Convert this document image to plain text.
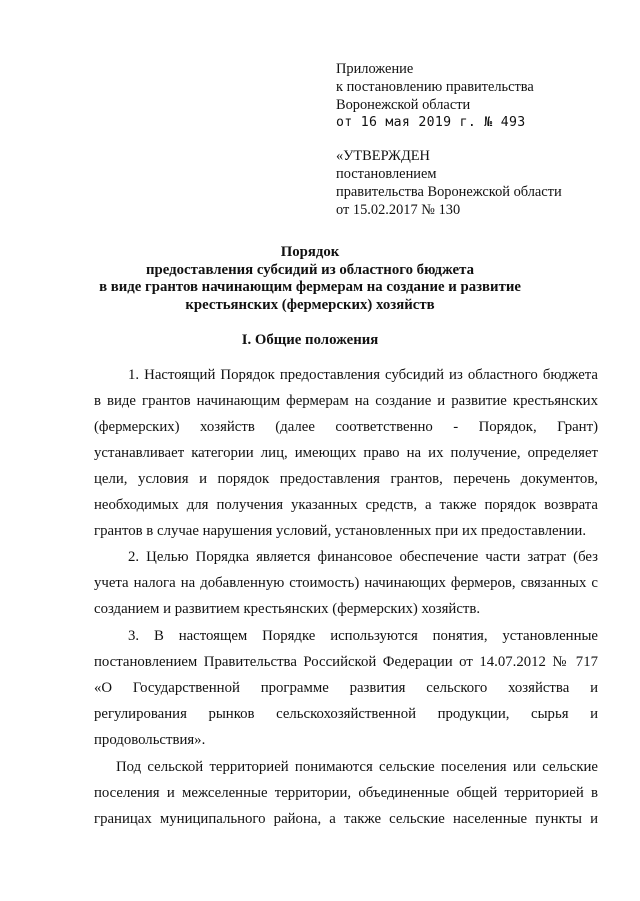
Приложение
к постановлению правительства
Воронежской области
от 16 мая 2019 г. № 493
«УТВЕРЖДЕН
постановлением
правительства Воронежской области
от 15.02.2017 № 130
Порядок
предоставления субсидий из областного бюджета
в виде грантов начинающим фермерам на создание и развитие
крестьянских (фермерских) хозяйств
I. Общие положения
1. Настоящий Порядок предоставления субсидий из областного бюджета
в виде грантов начинающим фермерам на создание и развитие крестьянских
(фермерских) хозяйств (далее соответственно - Порядок, Грант)
устанавливает категории лиц, имеющих право на их получение, определяет
цели, условия и порядок предоставления грантов, перечень документов,
необходимых для получения указанных средств, а также порядок возврата
грантов в случае нарушения условий, установленных при их предоставлении.
2. Целью Порядка является финансовое обеспечение части затрат (без
учета налога на добавленную стоимость) начинающих фермеров, связанных с
созданием и развитием крестьянских (фермерских) хозяйств.
3. В настоящем Порядке используются понятия, установленные
постановлением Правительства Российской Федерации от 14.07.2012 № 717
«О Государственной программе развития сельского хозяйства и
регулирования рынков сельскохозяйственной продукции, сырья и
продовольствия».
Под сельской территорией понимаются сельские поселения или сельские
поселения и межселенные территории, объединенные общей территорией в
границах муниципального района, а также сельские населенные пункты и
